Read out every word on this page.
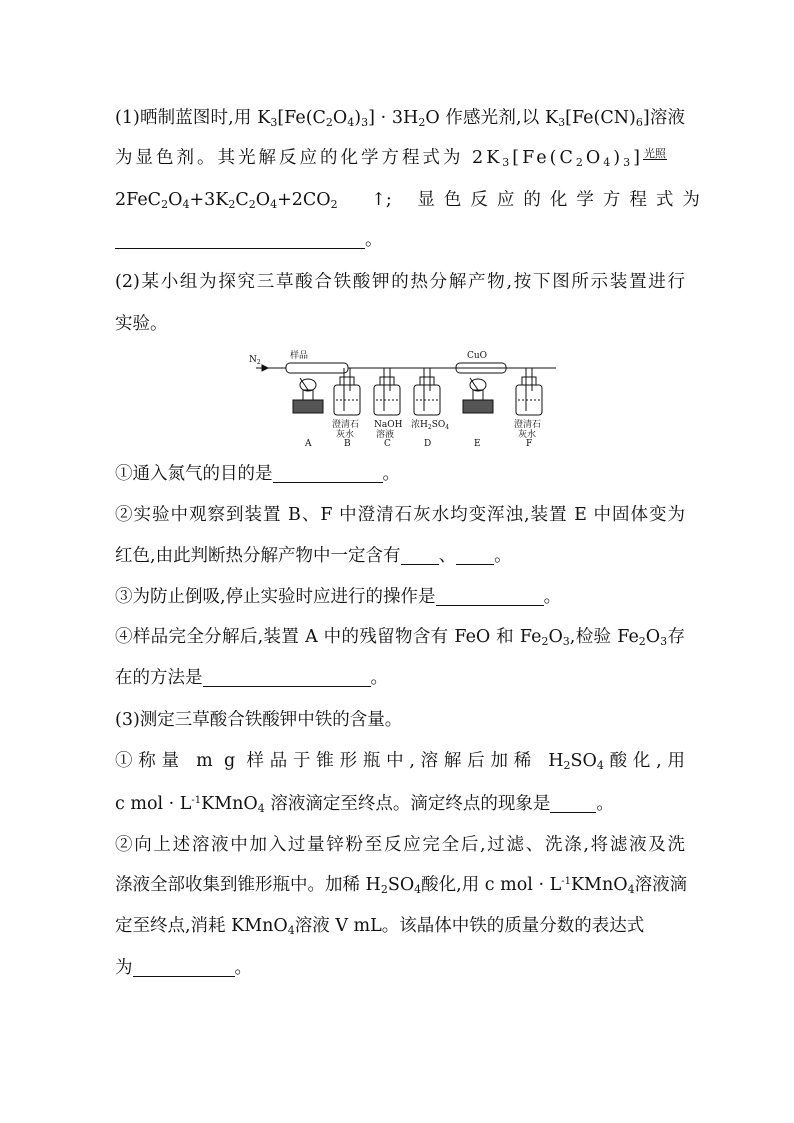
(1)晒制蓝图时,用 $K_3[Fe(C_2O_4)_3] \cdot 3H_2O$ 作感光剂,以 $K_3[Fe(CN)_6]$溶液
为显色剂。其光解反应的化学方程式为 $2K_3[Fe(C_2O_4)_3]$光照
$2FeC_2O_4+3K_2C_2O_4+2CO_2$ ↑; 显色反应的化学方程式为
。
(2)某小组为探究三草酸合铁酸钾的热分解产物,按下图所示装置进行
实验。
$N_2$
样品	CuO
澄清石
灰水
NaOH
溶液
浓$H_2SO_4$	澄清石
灰水
A	B	C	D	E	F
①通入氮气的目的是	。
②实验中观察到装置 B、F 中澄清石灰水均变浑浊,装置 E 中固体变为
红色,由此判断热分解产物中一定含有 、 。
③为防止倒吸,停止实验时应进行的操作是	。
④样品完全分解后,装置 A 中的残留物含有 FeO 和 $Fe_2O_3$,检验 $Fe_2O_3$存
在的方法是	。
(3)测定三草酸合铁酸钾中铁的含量。
①称量 m g 样品于锥形瓶中,溶解后加稀 $H_2SO_4$酸化,用
c mol · $L^{-1}KMnO_4$ 溶液滴定至终点。滴定终点的现象是	。
②向上述溶液中加入过量锌粉至反应完全后,过滤、洗涤,将滤液及洗
涤液全部收集到锥形瓶中。加稀 $H_2SO_4$酸化,用 c mol · $L^{-1}KMnO_4$溶液滴
定至终点,消耗 KMnO$_4$溶液 V mL。该晶体中铁的质量分数的表达式
为	。
